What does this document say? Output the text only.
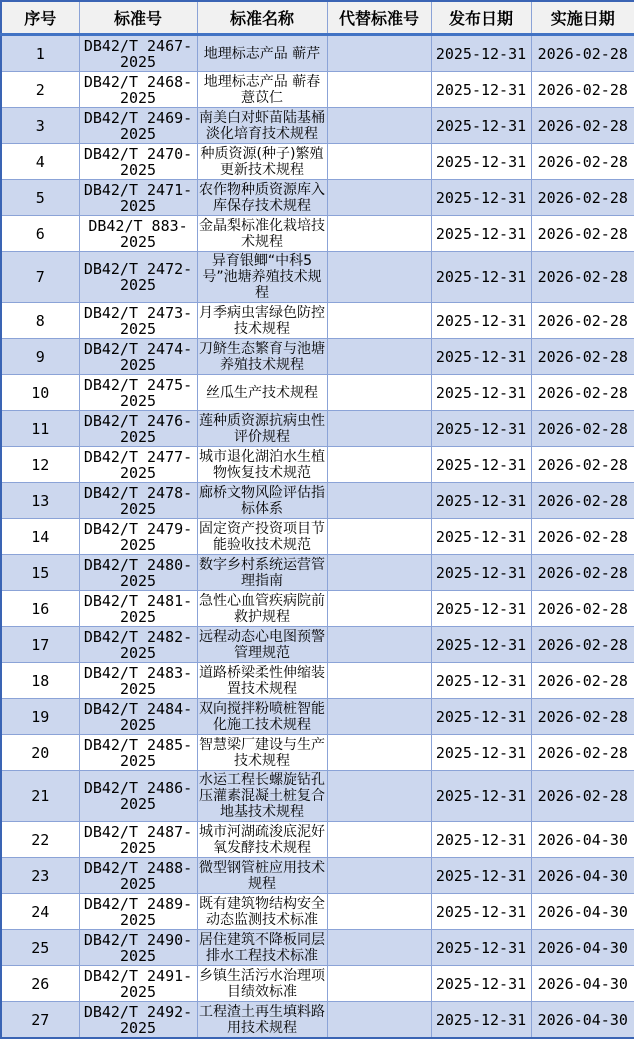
序号	标准号	标准名称	代替标准号	发布日期	实施日期
1	DB42/T 2467-2025	地理标志产品 蕲芹		2025-12-31	2026-02-28
2	DB42/T 2468-2025	地理标志产品 蕲春薏苡仁		2025-12-31	2026-02-28
3	DB42/T 2469-2025	南美白对虾苗陆基桶淡化培育技术规程		2025-12-31	2026-02-28
4	DB42/T 2470-2025	种质资源(种子)繁殖更新技术规程		2025-12-31	2026-02-28
5	DB42/T 2471-2025	农作物种质资源库入库保存技术规程		2025-12-31	2026-02-28
6	DB42/T 883-2025	金晶梨标准化栽培技术规程		2025-12-31	2026-02-28
7	DB42/T 2472-2025	异育银鲫“中科5号”池塘养殖技术规程		2025-12-31	2026-02-28
8	DB42/T 2473-2025	月季病虫害绿色防控技术规程		2025-12-31	2026-02-28
9	DB42/T 2474-2025	刀鲚生态繁育与池塘养殖技术规程		2025-12-31	2026-02-28
10	DB42/T 2475-2025	丝瓜生产技术规程		2025-12-31	2026-02-28
11	DB42/T 2476-2025	莲种质资源抗病虫性评价规程		2025-12-31	2026-02-28
12	DB42/T 2477-2025	城市退化湖泊水生植物恢复技术规范		2025-12-31	2026-02-28
13	DB42/T 2478-2025	廊桥文物风险评估指标体系		2025-12-31	2026-02-28
14	DB42/T 2479-2025	固定资产投资项目节能验收技术规范		2025-12-31	2026-02-28
15	DB42/T 2480-2025	数字乡村系统运营管理指南		2025-12-31	2026-02-28
16	DB42/T 2481-2025	急性心血管疾病院前救护规程		2025-12-31	2026-02-28
17	DB42/T 2482-2025	远程动态心电图预警管理规范		2025-12-31	2026-02-28
18	DB42/T 2483-2025	道路桥梁柔性伸缩装置技术规程		2025-12-31	2026-02-28
19	DB42/T 2484-2025	双向搅拌粉喷桩智能化施工技术规程		2025-12-31	2026-02-28
20	DB42/T 2485-2025	智慧梁厂建设与生产技术规程		2025-12-31	2026-02-28
21	DB42/T 2486-2025	水运工程长螺旋钻孔压灌素混凝土桩复合地基技术规程		2025-12-31	2026-02-28
22	DB42/T 2487-2025	城市河湖疏浚底泥好氧发酵技术规程		2025-12-31	2026-04-30
23	DB42/T 2488-2025	微型钢管桩应用技术规程		2025-12-31	2026-04-30
24	DB42/T 2489-2025	既有建筑物结构安全动态监测技术标准		2025-12-31	2026-04-30
25	DB42/T 2490-2025	居住建筑不降板同层排水工程技术标准		2025-12-31	2026-04-30
26	DB42/T 2491-2025	乡镇生活污水治理项目绩效标准		2025-12-31	2026-04-30
27	DB42/T 2492-2025	工程渣土再生填料路用技术规程		2025-12-31	2026-04-30
